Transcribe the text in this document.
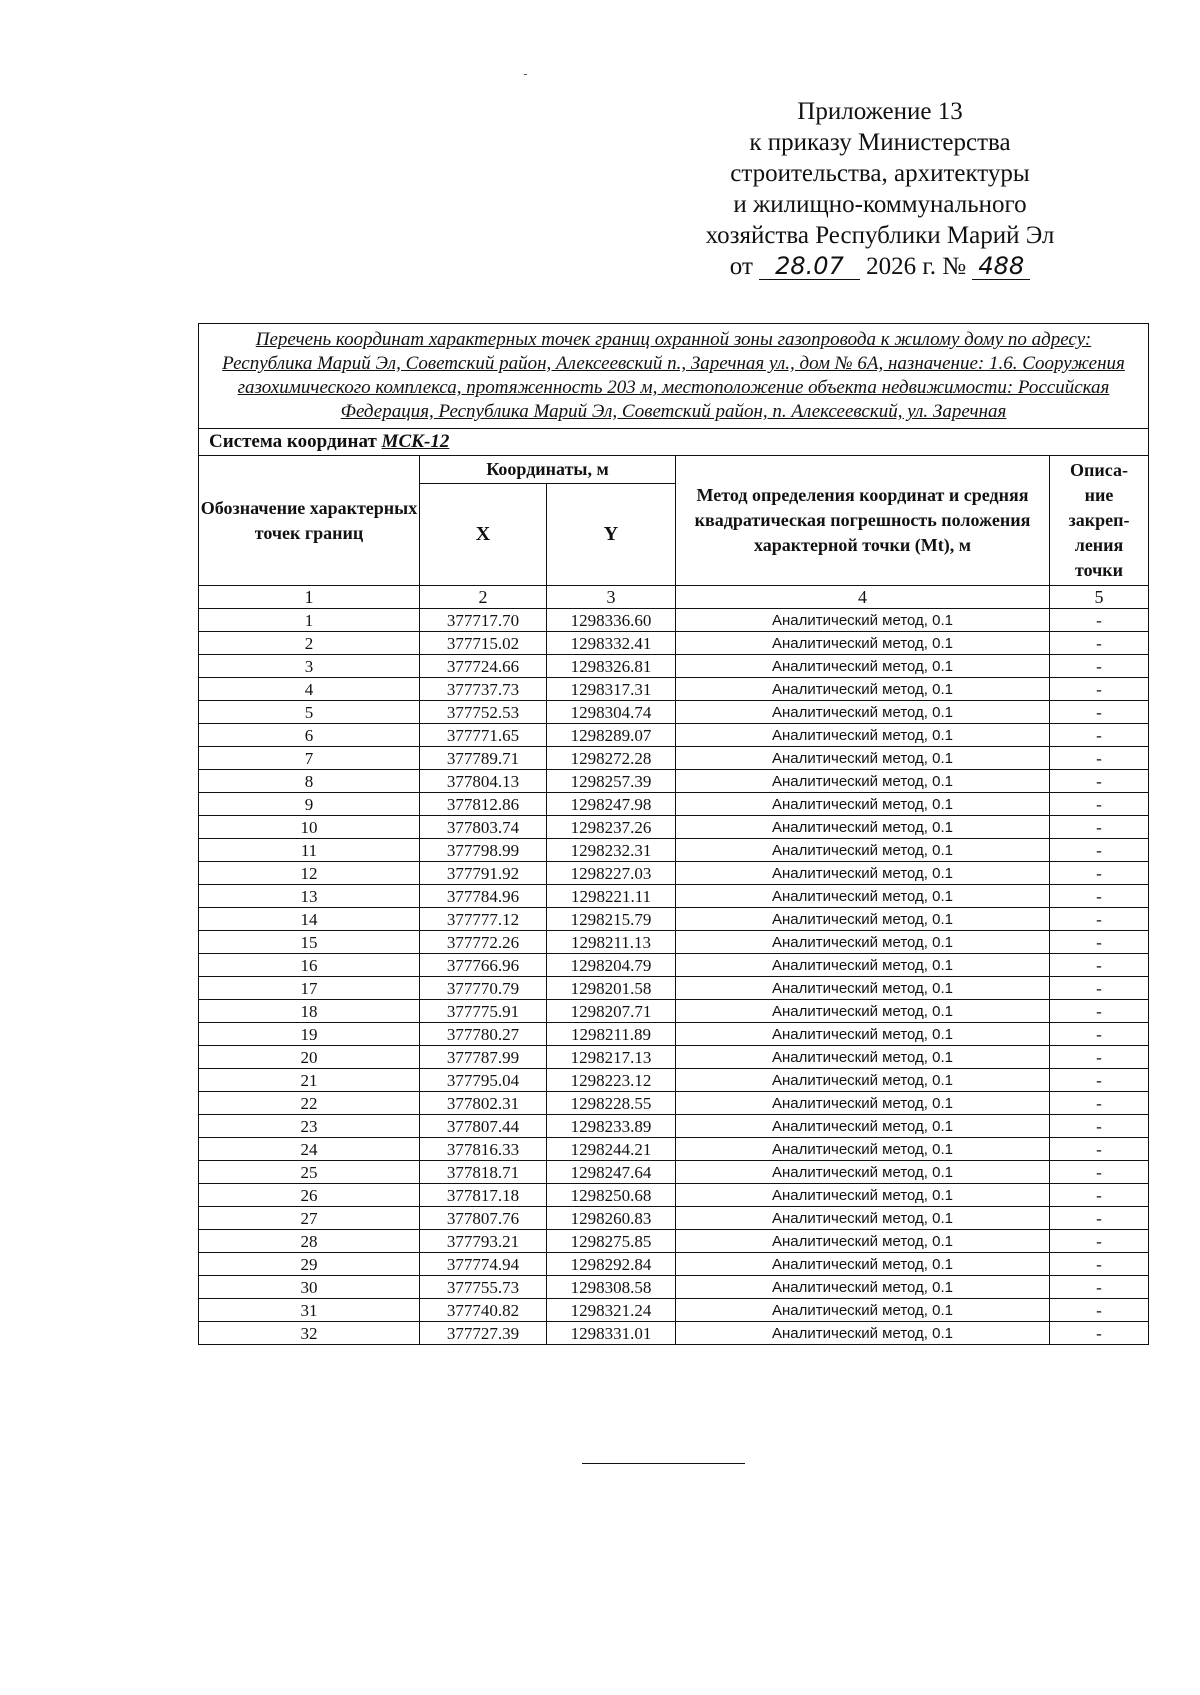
Приложение 13
к приказу Министерства
строительства, архитектуры
и жилищно-коммунального
хозяйства Республики Марий Эл
от 28.07 2026 г. № 488
Перечень координат характерных точек границ охранной зоны газопровода к жилому дому по адресу: Республика Марий Эл, Советский район, Алексеевский п., Заречная ул., дом № 6А, назначение: 1.6. Сооружения газохимического комплекса, протяженность 203 м, местоположение объекта недвижимости: Российская Федерация, Республика Марий Эл, Советский район, п. Алексеевский, ул. Заречная				
Система координат МСК-12				
Обозначение характерных точек границ	Координаты, м		Метод определения координат и средняя квадратическая погрешность положения характерной точки (Mt), м	Описа- ние закреп- ления точки
	X	Y		
1	2	3	4	5
1	377717.70	1298336.60	Аналитический метод, 0.1	-
2	377715.02	1298332.41	Аналитический метод, 0.1	-
3	377724.66	1298326.81	Аналитический метод, 0.1	-
4	377737.73	1298317.31	Аналитический метод, 0.1	-
5	377752.53	1298304.74	Аналитический метод, 0.1	-
6	377771.65	1298289.07	Аналитический метод, 0.1	-
7	377789.71	1298272.28	Аналитический метод, 0.1	-
8	377804.13	1298257.39	Аналитический метод, 0.1	-
9	377812.86	1298247.98	Аналитический метод, 0.1	-
10	377803.74	1298237.26	Аналитический метод, 0.1	-
11	377798.99	1298232.31	Аналитический метод, 0.1	-
12	377791.92	1298227.03	Аналитический метод, 0.1	-
13	377784.96	1298221.11	Аналитический метод, 0.1	-
14	377777.12	1298215.79	Аналитический метод, 0.1	-
15	377772.26	1298211.13	Аналитический метод, 0.1	-
16	377766.96	1298204.79	Аналитический метод, 0.1	-
17	377770.79	1298201.58	Аналитический метод, 0.1	-
18	377775.91	1298207.71	Аналитический метод, 0.1	-
19	377780.27	1298211.89	Аналитический метод, 0.1	-
20	377787.99	1298217.13	Аналитический метод, 0.1	-
21	377795.04	1298223.12	Аналитический метод, 0.1	-
22	377802.31	1298228.55	Аналитический метод, 0.1	-
23	377807.44	1298233.89	Аналитический метод, 0.1	-
24	377816.33	1298244.21	Аналитический метод, 0.1	-
25	377818.71	1298247.64	Аналитический метод, 0.1	-
26	377817.18	1298250.68	Аналитический метод, 0.1	-
27	377807.76	1298260.83	Аналитический метод, 0.1	-
28	377793.21	1298275.85	Аналитический метод, 0.1	-
29	377774.94	1298292.84	Аналитический метод, 0.1	-
30	377755.73	1298308.58	Аналитический метод, 0.1	-
31	377740.82	1298321.24	Аналитический метод, 0.1	-
32	377727.39	1298331.01	Аналитический метод, 0.1	-
